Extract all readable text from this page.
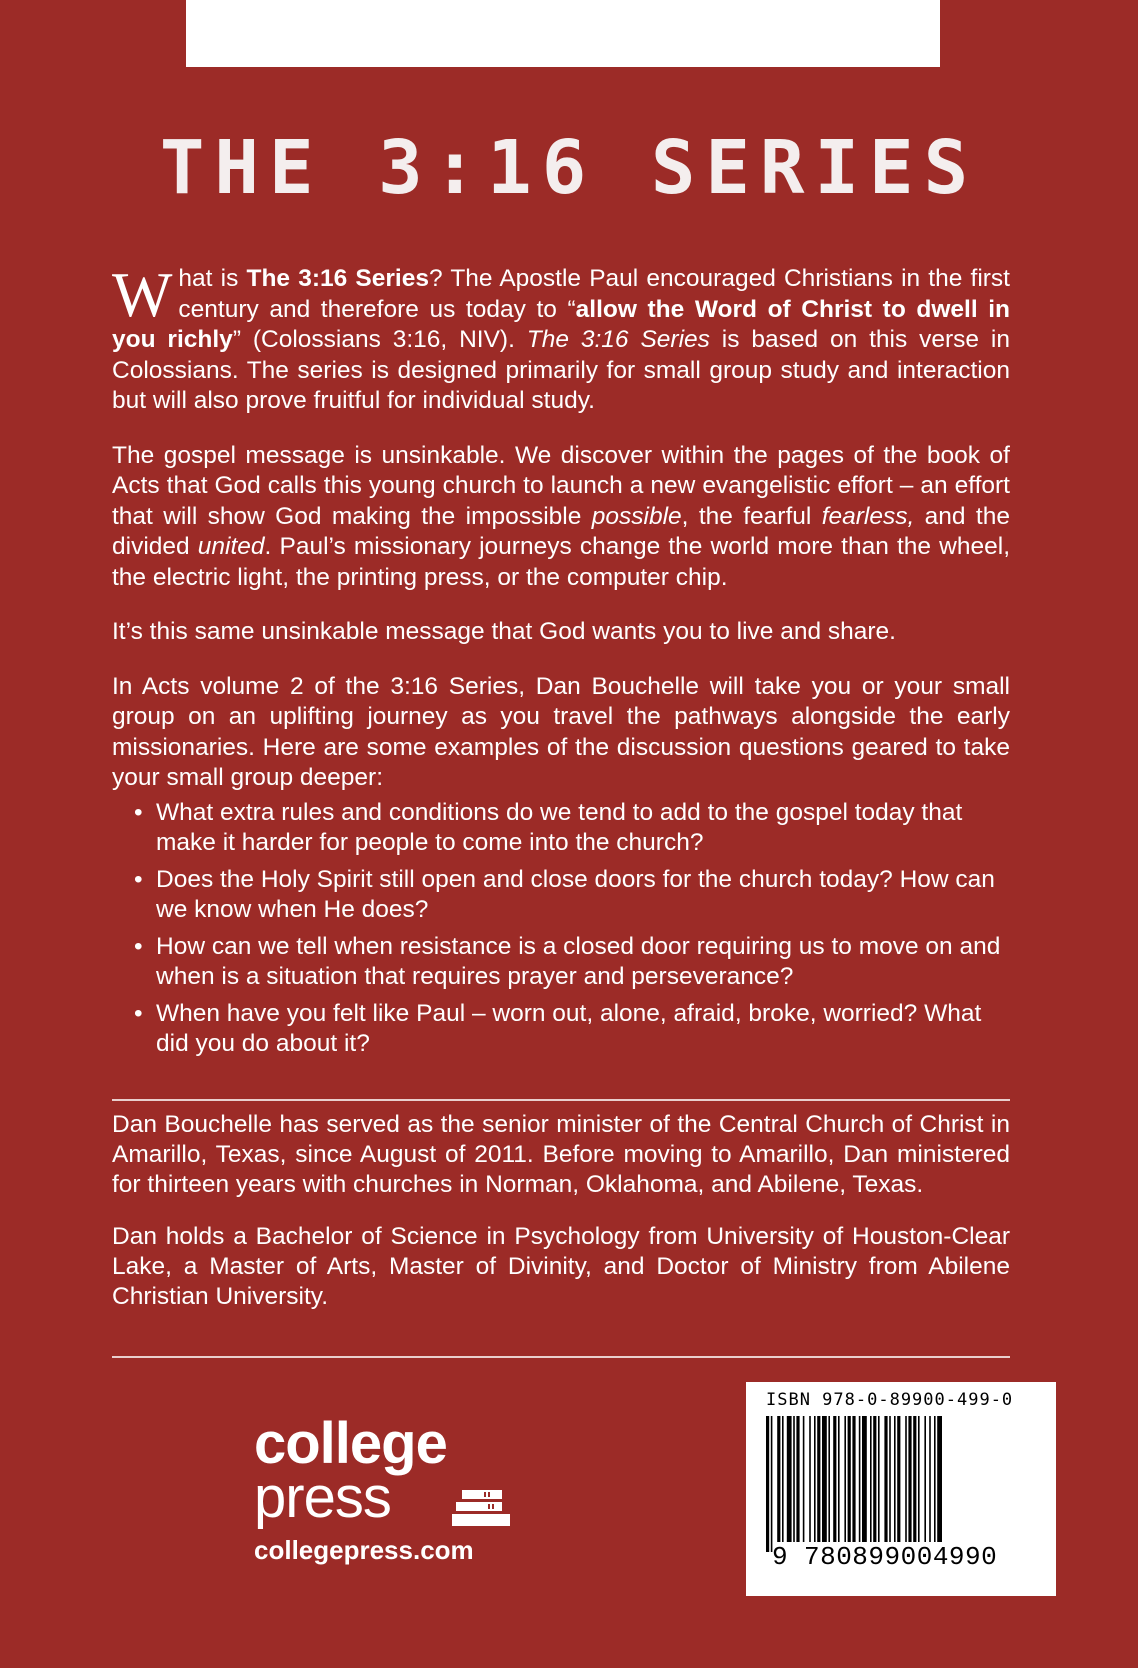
THE 3:16 SERIES

What is The 3:16 Series? The Apostle Paul encouraged Christians in the first century and therefore us today to “allow the Word of Christ to dwell in you richly” (Colossians 3:16, NIV). The 3:16 Series is based on this verse in Colossians. The series is designed primarily for small group study and interaction but will also prove fruitful for individual study.

The gospel message is unsinkable. We discover within the pages of the book of Acts that God calls this young church to launch a new evangelistic effort – an effort that will show God making the impossible possible, the fearful fearless, and the divided united. Paul’s missionary journeys change the world more than the wheel, the electric light, the printing press, or the computer chip.

It’s this same unsinkable message that God wants you to live and share.

In Acts volume 2 of the 3:16 Series, Dan Bouchelle will take you or your small group on an uplifting journey as you travel the pathways alongside the early missionaries. Here are some examples of the discussion questions geared to take your small group deeper:

• What extra rules and conditions do we tend to add to the gospel today that make it harder for people to come into the church?
• Does the Holy Spirit still open and close doors for the church today? How can we know when He does?
• How can we tell when resistance is a closed door requiring us to move on and when is a situation that requires prayer and perseverance?
• When have you felt like Paul – worn out, alone, afraid, broke, worried? What did you do about it?

Dan Bouchelle has served as the senior minister of the Central Church of Christ in Amarillo, Texas, since August of 2011. Before moving to Amarillo, Dan ministered for thirteen years with churches in Norman, Oklahoma, and Abilene, Texas.

Dan holds a Bachelor of Science in Psychology from University of Houston-Clear Lake, a Master of Arts, Master of Divinity, and Doctor of Ministry from Abilene Christian University.

college
press
collegepress.com
ISBN 978-0-89900-499-0
9 780899004990
